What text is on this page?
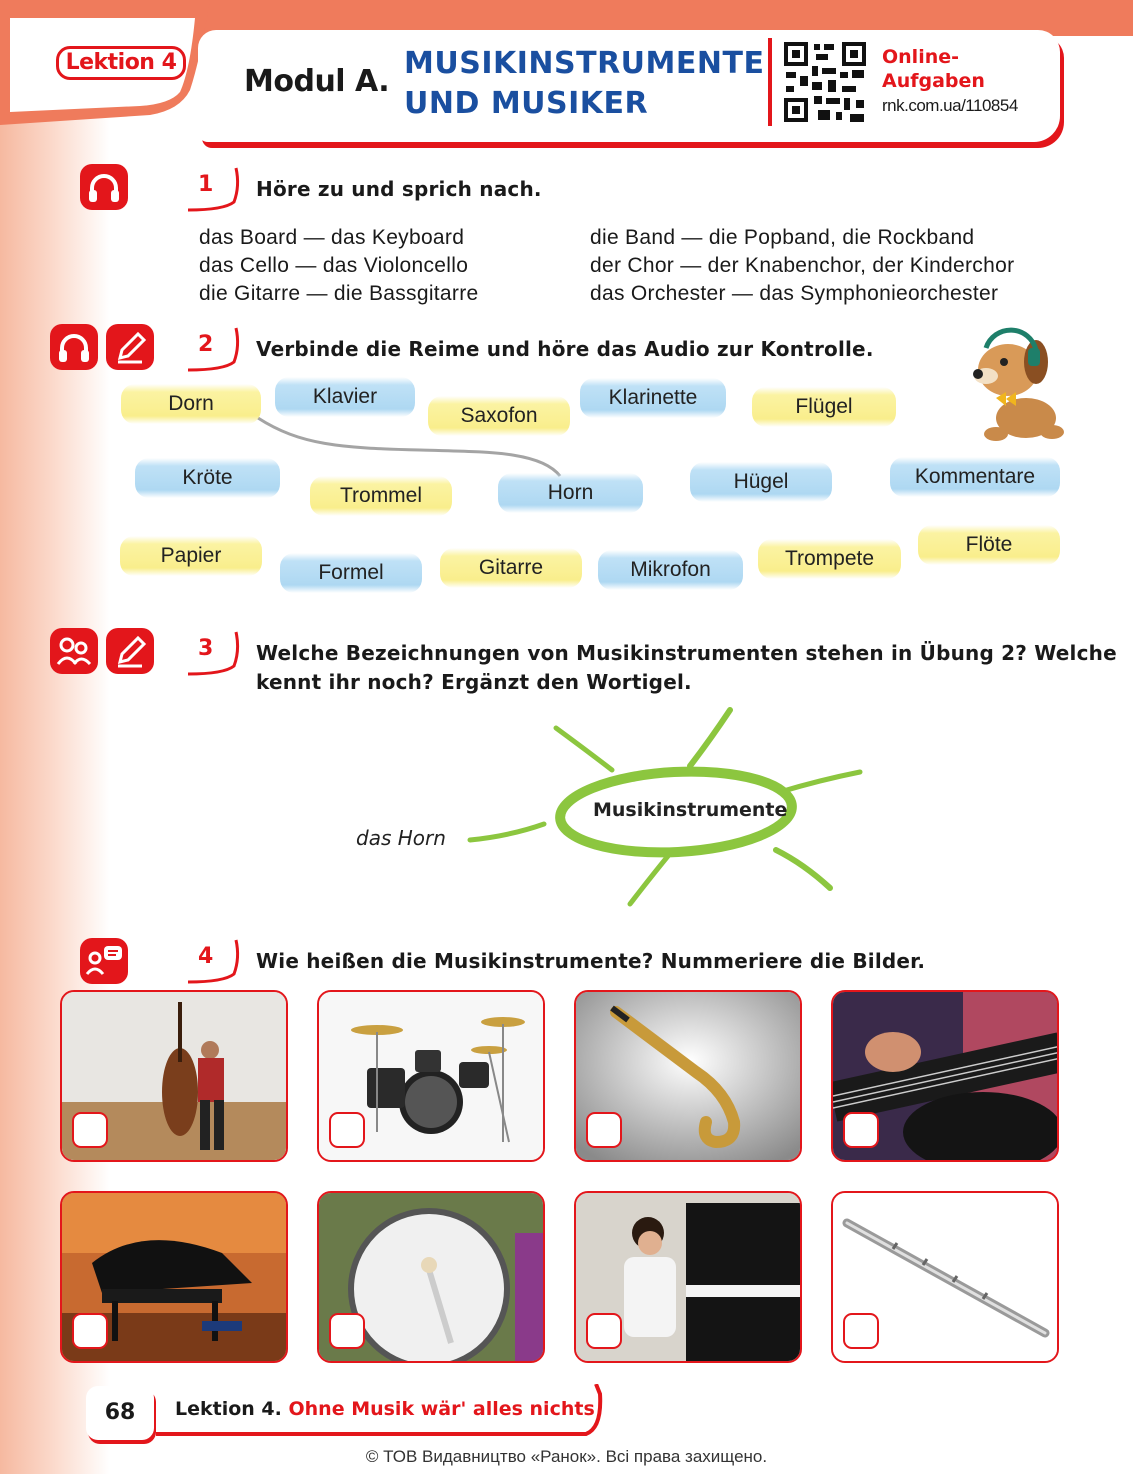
Lektion 4
Modul A.
MUSIKINSTRUMENTE
UND MUSIKER
Online-
Aufgaben
rnk.com.ua/110854
1 Höre zu und sprich nach.
das Board — das Keyboard
das Cello — das Violoncello
die Gitarre — die Bassgitarre
die Band — die Popband, die Rockband
der Chor — der Knabenchor, der Kinderchor
das Orchester — das Symphonieorchester
2 Verbinde die Reime und höre das Audio zur Kontrolle.
Dorn	Klavier
Saxofon
Klarinette	Flügel
Kröte
Trommel	Horn	Hügel	Kommentare
Papier
Formel	Gitarre	Mikrofon	Trompete
Flöte
3 Welche Bezeichnungen von Musikinstrumenten stehen in Übung 2? Welche
kennt ihr noch? Ergänzt den Wortigel.
Musikinstrumente
das Horn
4 Wie heißen die Musikinstrumente? Nummeriere die Bilder.
68	Lektion 4. Ohne Musik wär' alles nichts
© ТОВ Видавництво «Ранок». Всі права захищено.
